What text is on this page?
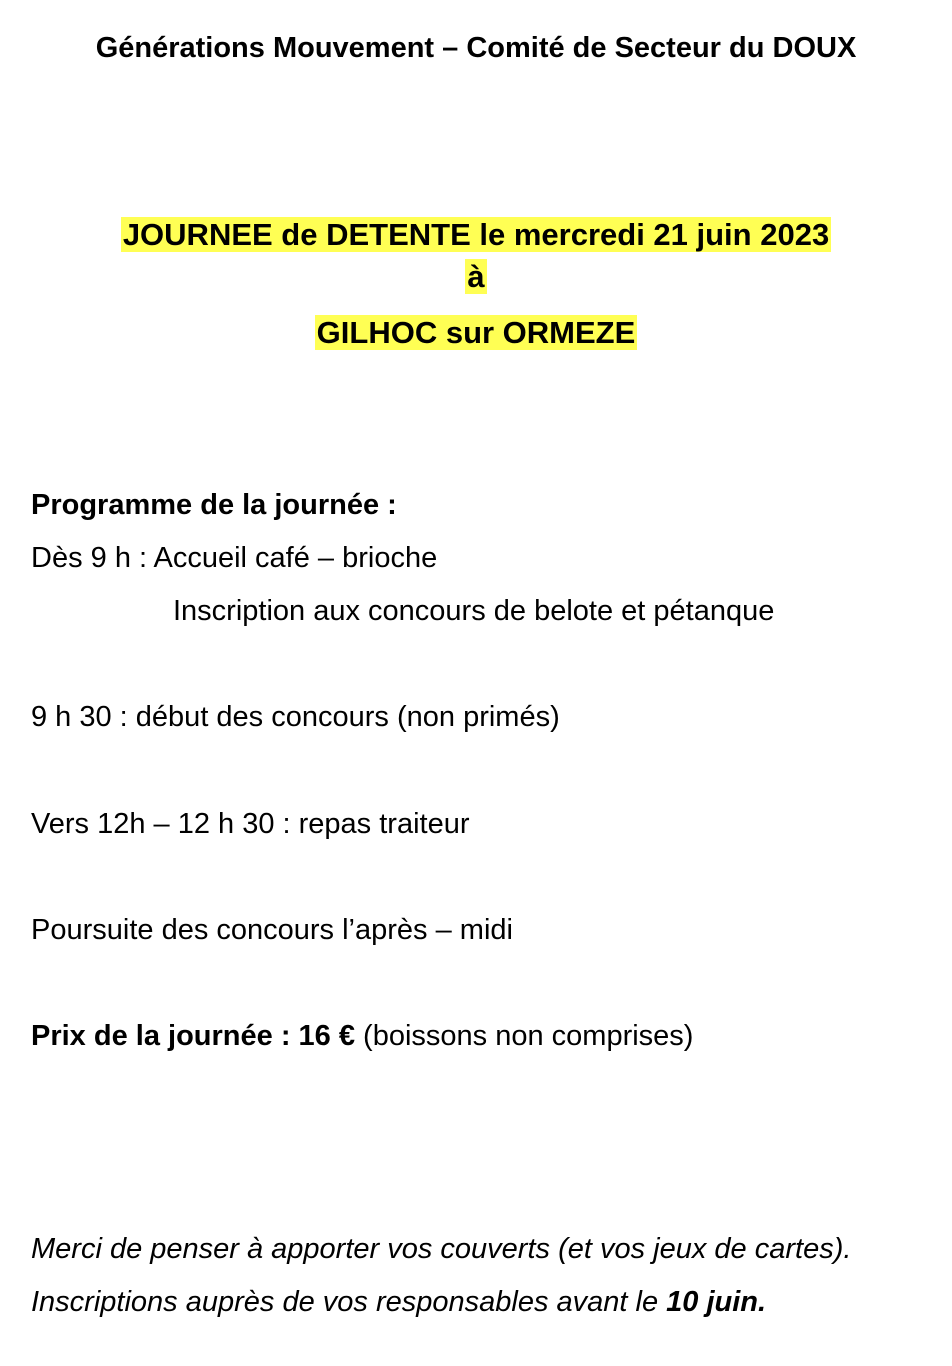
Générations Mouvement – Comité de Secteur du DOUX
JOURNEE de DETENTE le mercredi 21 juin 2023
à
GILHOC sur ORMEZE
Programme de la journée :
Dès 9 h : Accueil café – brioche
Inscription aux concours de belote et pétanque
9 h 30 : début des concours (non primés)
Vers 12h – 12 h 30 : repas traiteur
Poursuite des concours l’après – midi
Prix de la journée : 16 € (boissons non comprises)
Merci de penser à apporter vos couverts (et vos jeux de cartes).
Inscriptions auprès de vos responsables avant le 10 juin.
